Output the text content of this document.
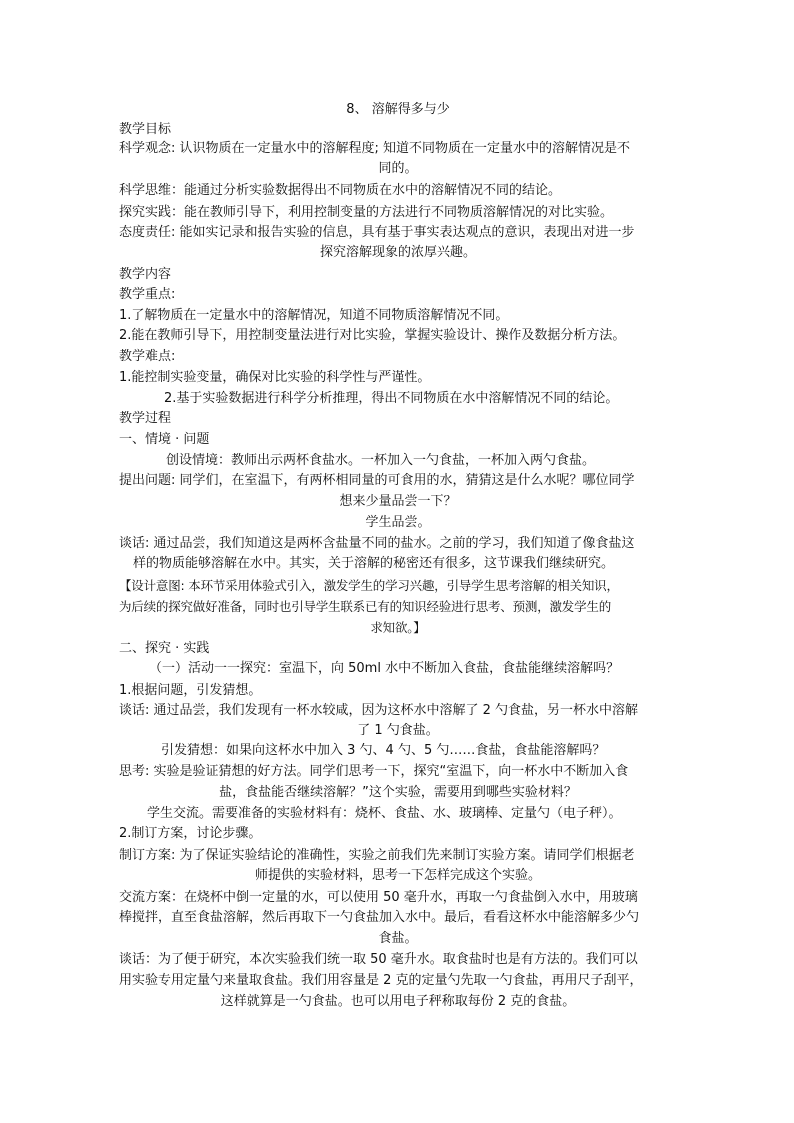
8、 溶解得多与少
教学目标
科学观念: 认识物质在一定量水中的溶解程度; 知道不同物质在一定量水中的溶解情况是不
同的。
科学思维：能通过分析实验数据得出不同物质在水中的溶解情况不同的结论。
探究实践：能在教师引导下，利用控制变量的方法进行不同物质溶解情况的对比实验。
态度责任: 能如实记录和报告实验的信息，具有基于事实表达观点的意识，表现出对进一步
探究溶解现象的浓厚兴趣。
教学内容
教学重点:
1.了解物质在一定量水中的溶解情况，知道不同物质溶解情况不同。
2.能在教师引导下，用控制变量法进行对比实验，掌握实验设计、操作及数据分析方法。
教学难点:
1.能控制实验变量，确保对比实验的科学性与严谨性。
2.基于实验数据进行科学分析推理，得出不同物质在水中溶解情况不同的结论。
教学过程
一、情境 · 问题
创设情境：教师出示两杯食盐水。一杯加入一勺食盐，一杯加入两勺食盐。
提出问题: 同学们，在室温下，有两杯相同量的可食用的水，猜猜这是什么水呢？哪位同学
想来少量品尝一下？
学生品尝。
谈话: 通过品尝，我们知道这是两杯含盐量不同的盐水。之前的学习，我们知道了像食盐这
样的物质能够溶解在水中。其实，关于溶解的秘密还有很多，这节课我们继续研究。
【设计意图: 本环节采用体验式引入，激发学生的学习兴趣，引导学生思考溶解的相关知识，
为后续的探究做好准备，同时也引导学生联系已有的知识经验进行思考、预测，激发学生的
求知欲。】
二、探究 · 实践
（一）活动一一探究：室温下，向 50ml 水中不断加入食盐，食盐能继续溶解吗？
1.根据问题，引发猜想。
谈话: 通过品尝，我们发现有一杯水较咸，因为这杯水中溶解了 2 勺食盐，另一杯水中溶解
了 1 勺食盐。
引发猜想：如果向这杯水中加入 3 勺、4 勺、5 勺……食盐，食盐能溶解吗？
思考: 实验是验证猜想的好方法。同学们思考一下，探究“室温下，向一杯水中不断加入食
盐，食盐能否继续溶解？”这个实验，需要用到哪些实验材料？
学生交流。需要准备的实验材料有：烧杯、食盐、水、玻璃棒、定量勺（电子秤）。
2.制订方案，讨论步骤。
制订方案: 为了保证实验结论的准确性，实验之前我们先来制订实验方案。请同学们根据老
师提供的实验材料，思考一下怎样完成这个实验。
交流方案：在烧杯中倒一定量的水，可以使用 50 毫升水，再取一勺食盐倒入水中，用玻璃
棒搅拌，直至食盐溶解，然后再取下一勺食盐加入水中。最后，看看这杯水中能溶解多少勺
食盐。
谈话：为了便于研究，本次实验我们统一取 50 毫升水。取食盐时也是有方法的。我们可以
用实验专用定量勺来量取食盐。我们用容量是 2 克的定量勺先取一勺食盐，再用尺子刮平，
这样就算是一勺食盐。也可以用电子秤称取每份 2 克的食盐。
